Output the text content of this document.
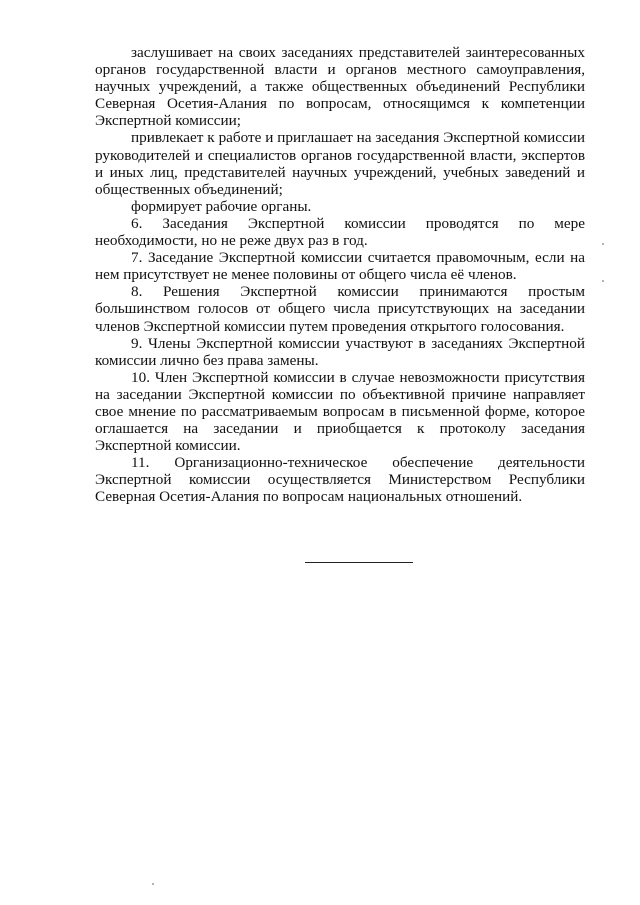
заслушивает на своих заседаниях представителей заинтересованных органов государственной власти и органов местного самоуправления, научных учреждений, а также общественных объединений Республики Северная Осетия-Алания по вопросам, относящимся к компетенции Экспертной комиссии;

привлекает к работе и приглашает на заседания Экспертной комиссии руководителей и специалистов органов государственной власти, экспертов и иных лиц, представителей научных учреждений, учебных заведений и общественных объединений;

формирует рабочие органы.

6. Заседания Экспертной комиссии проводятся по мере необходимости, но не реже двух раз в год.

7. Заседание Экспертной комиссии считается правомочным, если на нем присутствует не менее половины от общего числа её членов.

8. Решения Экспертной комиссии принимаются простым большинством голосов от общего числа присутствующих на заседании членов Экспертной комиссии путем проведения открытого голосования.

9. Члены Экспертной комиссии участвуют в заседаниях Экспертной комиссии лично без права замены.

10. Член Экспертной комиссии в случае невозможности присутствия на заседании Экспертной комиссии по объективной причине направляет свое мнение по рассматриваемым вопросам в письменной форме, которое оглашается на заседании и приобщается к протоколу заседания Экспертной комиссии.

11. Организационно-техническое обеспечение деятельности Экспертной комиссии осуществляется Министерством Республики Северная Осетия-Алания по вопросам национальных отношений.
